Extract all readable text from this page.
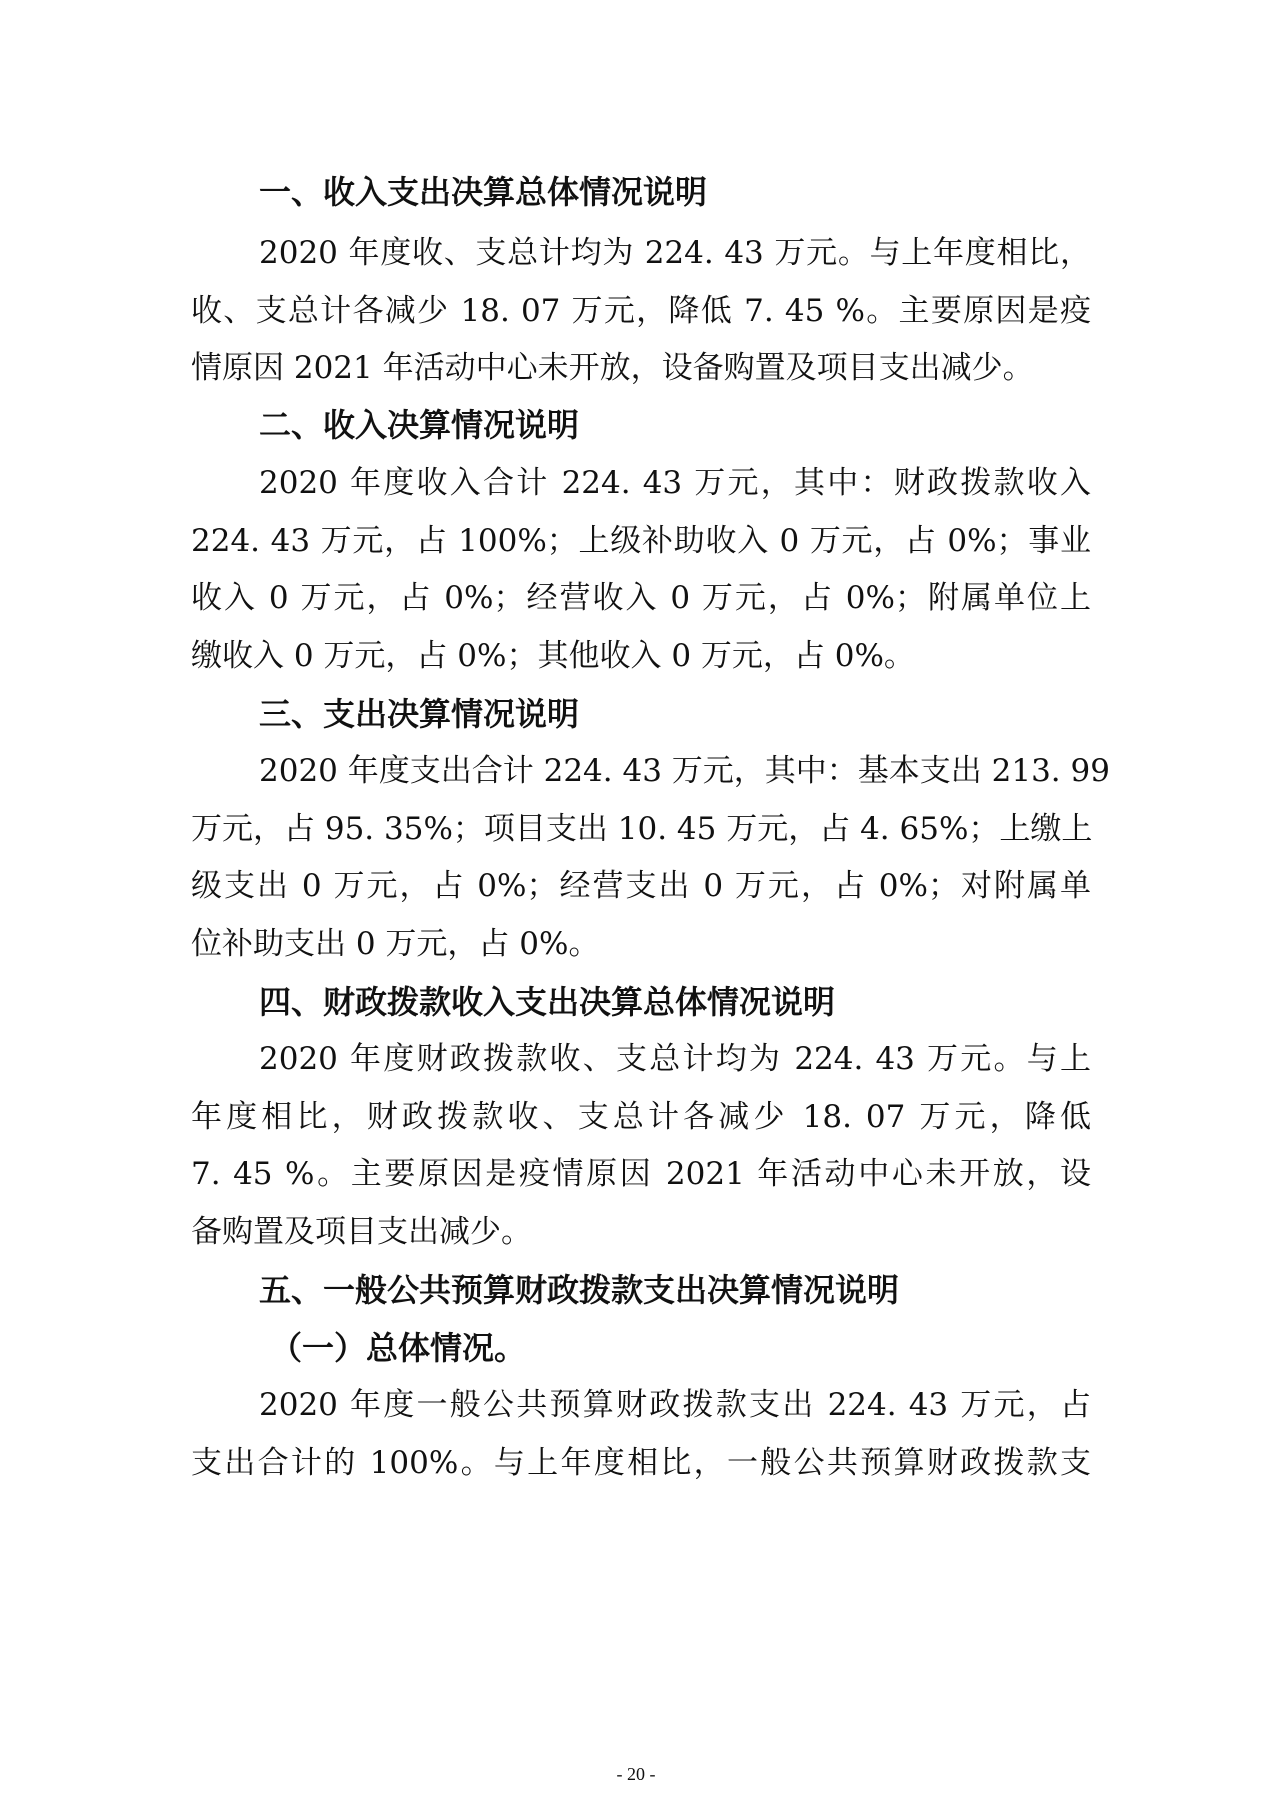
一、收入支出决算总体情况说明
2020 年度收、支总计均为 224. 43 万元。与上年度相比，
收、支总计各减少 18. 07 万元，降低 7. 45 %。主要原因是疫
情原因 2021 年活动中心未开放，设备购置及项目支出减少。
二、收入决算情况说明
2020 年度收入合计 224. 43 万元，其中：财政拨款收入
224. 43 万元，占 100%；上级补助收入 0 万元，占 0%；事业
收入 0 万元，占 0%；经营收入 0 万元，占 0%；附属单位上
缴收入 0 万元，占 0%；其他收入 0 万元，占 0%。
三、支出决算情况说明
2020 年度支出合计 224. 43 万元，其中：基本支出 213. 99
万元，占 95. 35%；项目支出 10. 45 万元，占 4. 65%；上缴上
级支出 0 万元，占 0%；经营支出 0 万元，占 0%；对附属单
位补助支出 0 万元，占 0%。
四、财政拨款收入支出决算总体情况说明
2020 年度财政拨款收、支总计均为 224. 43 万元。与上
年度相比，财政拨款收、支总计各减少 18. 07 万元，降低
7. 45 %。主要原因是疫情原因 2021 年活动中心未开放，设
备购置及项目支出减少。
五、一般公共预算财政拨款支出决算情况说明
（一）总体情况。
2020 年度一般公共预算财政拨款支出 224. 43 万元，占
支出合计的 100%。与上年度相比，一般公共预算财政拨款支
- 20 -
